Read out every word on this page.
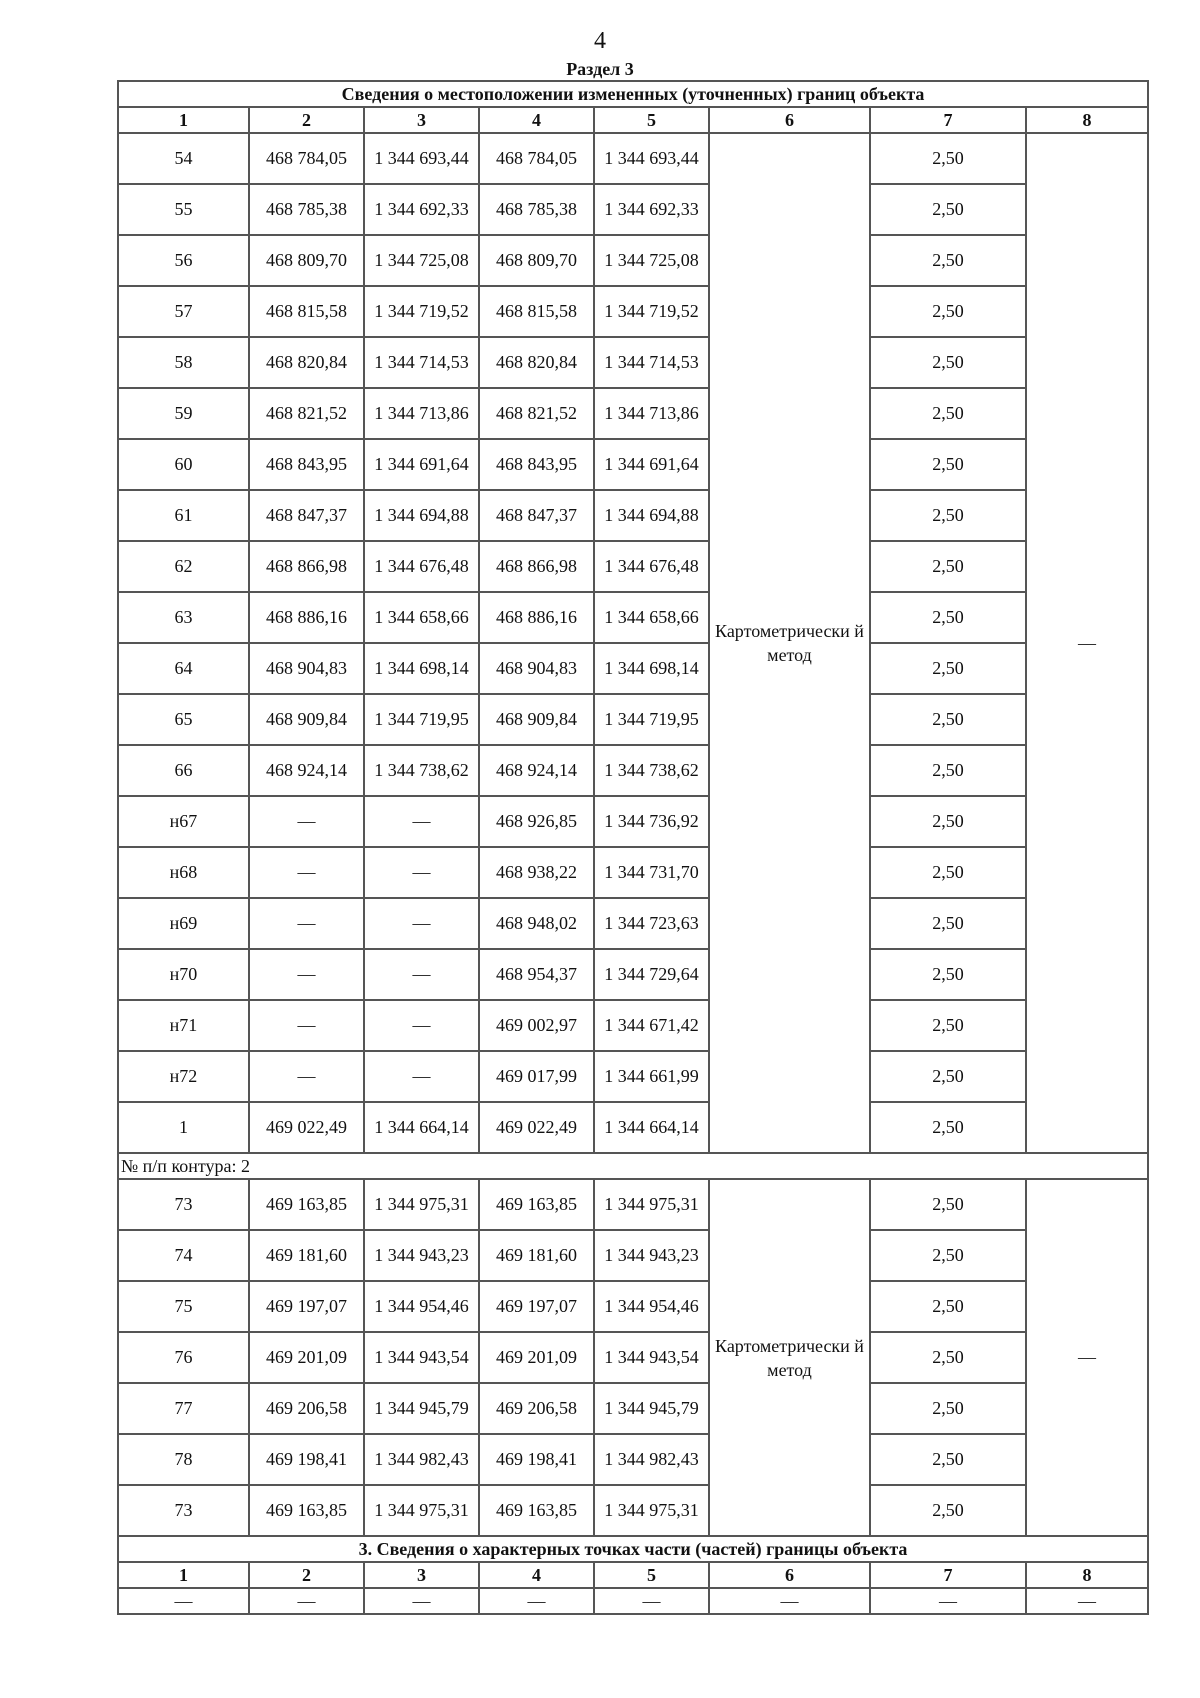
4
Раздел 3
Сведения о местоположении измененных (уточненных) границ объекта							
1	2	3	4	5	6	7	8
54	468 784,05	1 344 693,44	468 784,05	1 344 693,44	Картометрически й метод	2,50	—
55	468 785,38	1 344 692,33	468 785,38	1 344 692,33		2,50	
56	468 809,70	1 344 725,08	468 809,70	1 344 725,08		2,50	
57	468 815,58	1 344 719,52	468 815,58	1 344 719,52		2,50	
58	468 820,84	1 344 714,53	468 820,84	1 344 714,53		2,50	
59	468 821,52	1 344 713,86	468 821,52	1 344 713,86		2,50	
60	468 843,95	1 344 691,64	468 843,95	1 344 691,64		2,50	
61	468 847,37	1 344 694,88	468 847,37	1 344 694,88		2,50	
62	468 866,98	1 344 676,48	468 866,98	1 344 676,48		2,50	
63	468 886,16	1 344 658,66	468 886,16	1 344 658,66		2,50	
64	468 904,83	1 344 698,14	468 904,83	1 344 698,14		2,50	
65	468 909,84	1 344 719,95	468 909,84	1 344 719,95		2,50	
66	468 924,14	1 344 738,62	468 924,14	1 344 738,62		2,50	
н67	—	—	468 926,85	1 344 736,92		2,50	
н68	—	—	468 938,22	1 344 731,70		2,50	
н69	—	—	468 948,02	1 344 723,63		2,50	
н70	—	—	468 954,37	1 344 729,64		2,50	
н71	—	—	469 002,97	1 344 671,42		2,50	
н72	—	—	469 017,99	1 344 661,99		2,50	
1	469 022,49	1 344 664,14	469 022,49	1 344 664,14		2,50	
№ п/п контура: 2							
73	469 163,85	1 344 975,31	469 163,85	1 344 975,31	Картометрически й метод	2,50	—
74	469 181,60	1 344 943,23	469 181,60	1 344 943,23		2,50	
75	469 197,07	1 344 954,46	469 197,07	1 344 954,46		2,50	
76	469 201,09	1 344 943,54	469 201,09	1 344 943,54		2,50	
77	469 206,58	1 344 945,79	469 206,58	1 344 945,79		2,50	
78	469 198,41	1 344 982,43	469 198,41	1 344 982,43		2,50	
73	469 163,85	1 344 975,31	469 163,85	1 344 975,31		2,50	
3. Сведения о характерных точках части (частей) границы объекта							
1	2	3	4	5	6	7	8
—	—	—	—	—	—	—	—
